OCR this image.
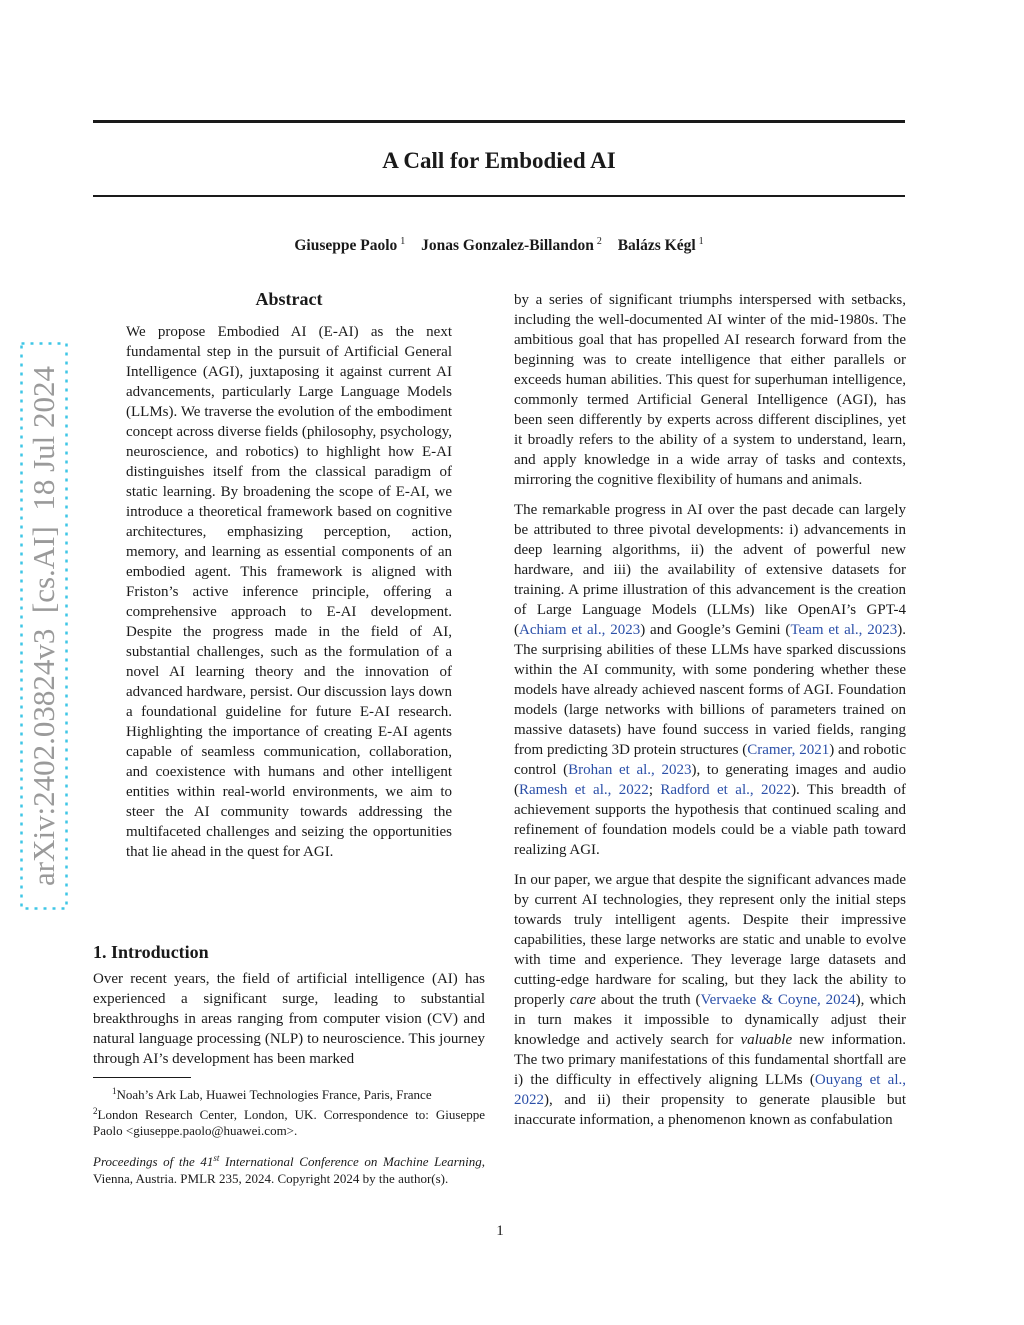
A Call for Embodied AI
Giuseppe Paolo $^1$ Jonas Gonzalez-Billandon $^2$ Balázs Kégl $^1$
arXiv:2402.03824v3  [cs.AI]  18 Jul 2024
Abstract
We propose Embodied AI (E-AI) as the next fundamental step in the pursuit of Artificial General Intelligence (AGI), juxtaposing it against current AI advancements, particularly Large Language Models (LLMs). We traverse the evolution of the embodiment concept across diverse fields (philosophy, psychology, neuroscience, and robotics) to highlight how E-AI distinguishes itself from the classical paradigm of static learning. By broadening the scope of E-AI, we introduce a theoretical framework based on cognitive architectures, emphasizing perception, action, memory, and learning as essential components of an embodied agent. This framework is aligned with Friston’s active inference principle, offering a comprehensive approach to E-AI development. Despite the progress made in the field of AI, substantial challenges, such as the formulation of a novel AI learning theory and the innovation of advanced hardware, persist. Our discussion lays down a foundational guideline for future E-AI research. Highlighting the importance of creating E-AI agents capable of seamless communication, collaboration, and coexistence with humans and other intelligent entities within real-world environments, we aim to steer the AI community towards addressing the multifaceted challenges and seizing the opportunities that lie ahead in the quest for AGI.
1. Introduction
Over recent years, the field of artificial intelligence (AI) has experienced a significant surge, leading to substantial breakthroughs in areas ranging from computer vision (CV) and natural language processing (NLP) to neuroscience. This journey through AI’s development has been marked
$^1$Noah’s Ark Lab, Huawei Technologies France, Paris, France
$^2$London Research Center, London, UK. Correspondence to: Giuseppe Paolo <giuseppe.paolo@huawei.com>.
Proceedings of the 41st International Conference on Machine Learning, Vienna, Austria. PMLR 235, 2024. Copyright 2024 by the author(s).

by a series of significant triumphs interspersed with setbacks, including the well-documented AI winter of the mid-1980s. The ambitious goal that has propelled AI research forward from the beginning was to create intelligence that either parallels or exceeds human abilities. This quest for superhuman intelligence, commonly termed Artificial General Intelligence (AGI), has been seen differently by experts across different disciplines, yet it broadly refers to the ability of a system to understand, learn, and apply knowledge in a wide array of tasks and contexts, mirroring the cognitive flexibility of humans and animals.

The remarkable progress in AI over the past decade can largely be attributed to three pivotal developments: i) advancements in deep learning algorithms, ii) the advent of powerful new hardware, and iii) the availability of extensive datasets for training. A prime illustration of this advancement is the creation of Large Language Models (LLMs) like OpenAI’s GPT-4 (Achiam et al., 2023) and Google’s Gemini (Team et al., 2023). The surprising abilities of these LLMs have sparked discussions within the AI community, with some pondering whether these models have already achieved nascent forms of AGI. Foundation models (large networks with billions of parameters trained on massive datasets) have found success in varied fields, ranging from predicting 3D protein structures (Cramer, 2021) and robotic control (Brohan et al., 2023), to generating images and audio (Ramesh et al., 2022; Radford et al., 2022). This breadth of achievement supports the hypothesis that continued scaling and refinement of foundation models could be a viable path toward realizing AGI.

In our paper, we argue that despite the significant advances made by current AI technologies, they represent only the initial steps towards truly intelligent agents. Despite their impressive capabilities, these large networks are static and unable to evolve with time and experience. They leverage large datasets and cutting-edge hardware for scaling, but they lack the ability to properly care about the truth (Vervaeke & Coyne, 2024), which in turn makes it impossible to dynamically adjust their knowledge and actively search for valuable new information. The two primary manifestations of this fundamental shortfall are i) the difficulty in effectively aligning LLMs (Ouyang et al., 2022), and ii) their propensity to generate plausible but inaccurate information, a phenomenon known as confabulation

1
